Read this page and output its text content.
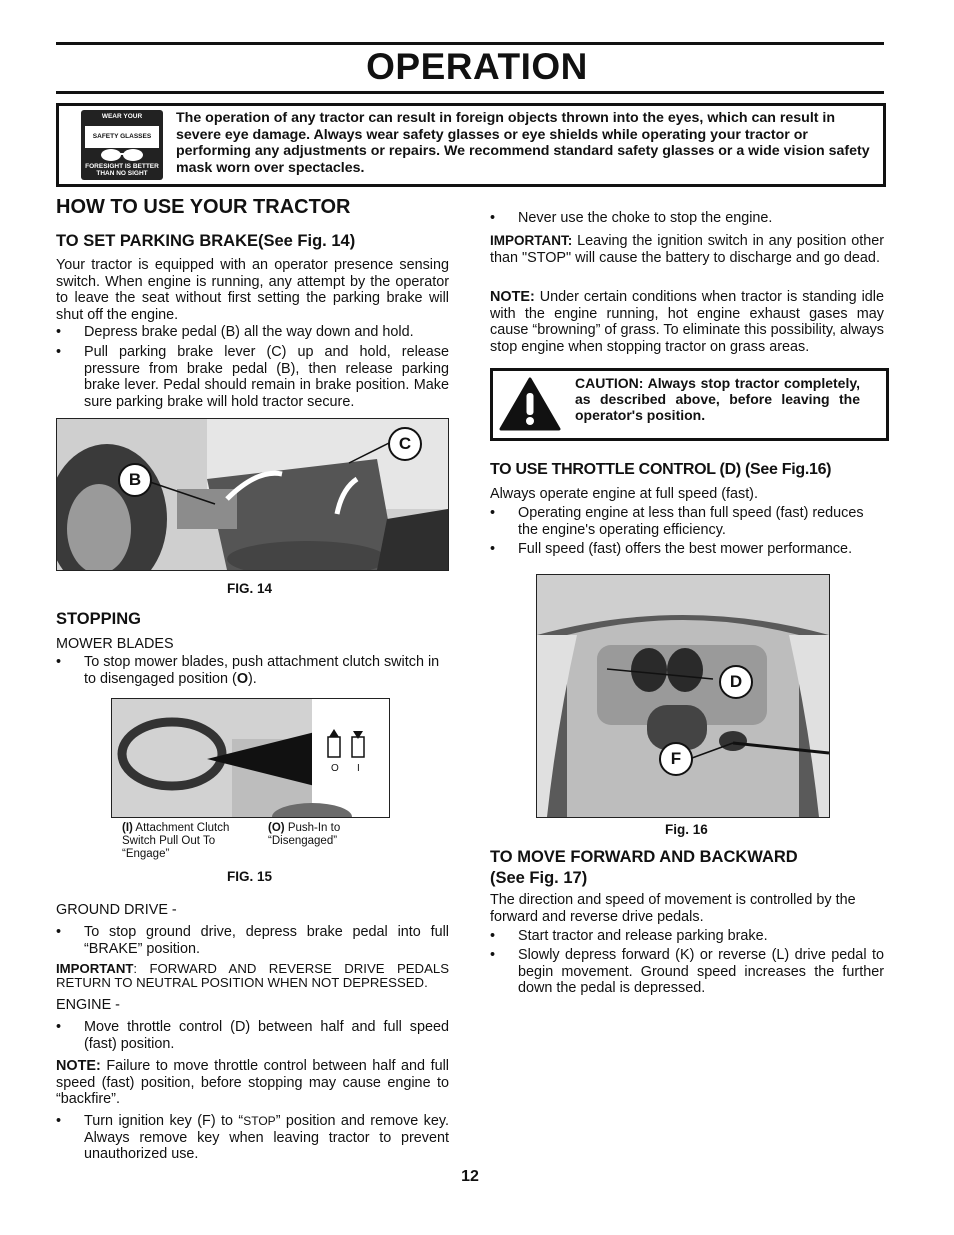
OPERATION
WEAR YOUR
SAFETY GLASSES
FORESIGHT IS BETTER
THAN NO SIGHT
The operation of any tractor can result in foreign objects thrown into the eyes, which can result in severe eye damage. Always wear safety glasses or eye shields while operating your tractor or performing any adjustments or repairs. We recommend standard safety glasses or a wide vision safety mask worn over spectacles.
HOW TO USE YOUR TRACTOR
TO SET PARKING BRAKE(See Fig. 14)
Your tractor is equipped with an operator presence sensing switch. When engine is running, any attempt by the operator to leave the seat without first setting the parking brake will shut off the engine.
• Depress brake pedal (B) all the way down and hold.
• Pull parking brake lever (C) up and hold, release pressure from brake pedal (B), then release parking brake lever. Pedal should remain in brake position. Make sure parking brake will hold tractor secure.
B
C
FIG. 14
STOPPING
MOWER BLADES
• To stop mower blades, push attachment clutch switch in to disengaged position (O).
O I
(I) Attachment Clutch Switch Pull Out To “Engage”
(O) Push-In to “Disengaged”
FIG. 15
GROUND DRIVE -
• To stop ground drive, depress brake pedal into full “BRAKE” position.
IMPORTANT: FORWARD AND REVERSE DRIVE PEDALS RETURN TO NEUTRAL POSITION WHEN NOT DEPRESSED.
ENGINE -
• Move throttle control (D) between half and full speed (fast) position.
NOTE: Failure to move throttle control between half and full speed (fast) position, before stopping may cause engine to “backfire”.
• Turn ignition key (F) to “STOP” position and remove key. Always remove key when leaving tractor to prevent unauthorized use.
• Never use the choke to stop the engine.
IMPORTANT: Leaving the ignition switch in any position other than "STOP" will cause the battery to discharge and go dead.
NOTE: Under certain conditions when tractor is standing idle with the engine running, hot engine exhaust gases may cause “browning” of grass. To eliminate this possibility, always stop engine when stopping tractor on grass areas.
CAUTION: Always stop tractor completely, as described above, before leaving the operator's position.
TO USE THROTTLE CONTROL (D) (See Fig.16)
Always operate engine at full speed (fast).
• Operating engine at less than full speed (fast) reduces the engine's operating efficiency.
• Full speed (fast) offers the best mower performance.
D
F
Fig. 16
TO MOVE FORWARD AND BACKWARD
(See Fig. 17)
The direction and speed of movement is controlled by the forward and reverse drive pedals.
• Start tractor and release parking brake.
• Slowly depress forward (K) or reverse (L) drive pedal to begin movement. Ground speed increases the further down the pedal is depressed.
12
